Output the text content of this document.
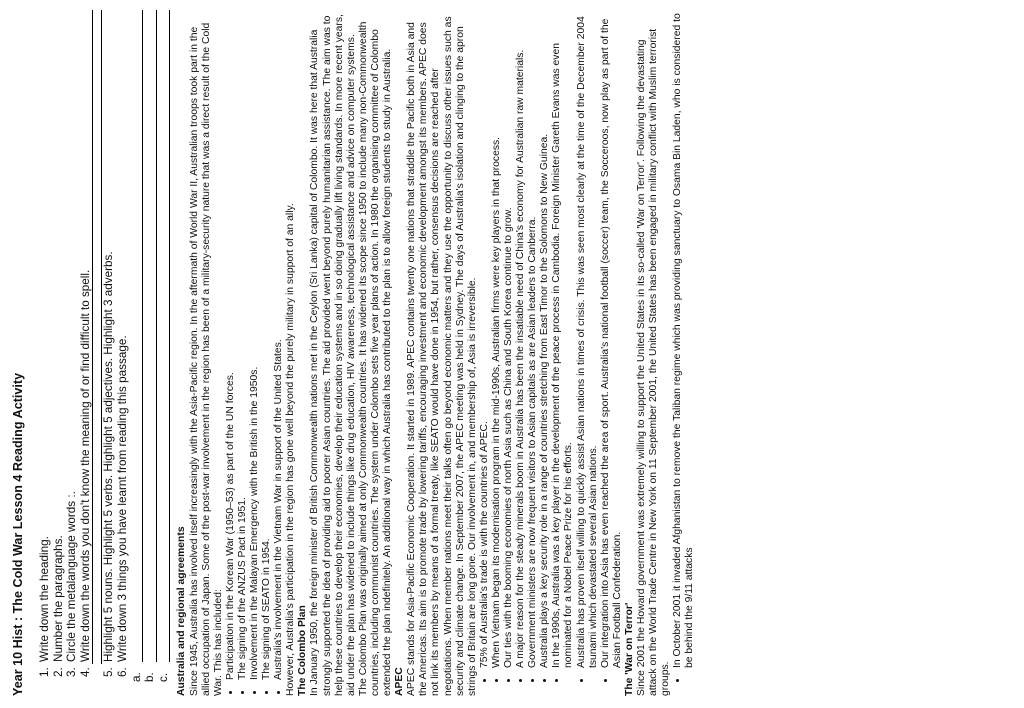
Year 10 Hist : The Cold War Lesson 4 Reading Activity 1. Write down the heading. 2. Number the paragraphs. 3. Circle the metalanguage words :. 4. Write down the words you don't know the meaning of or find difficult to spell. 5. Highlight 5 nouns. Highlight 5 verbs. Highlight 5 adjectives. Highlight 3 adverbs. 6. Write down 3 things you have learnt from reading this passage.
a. b. c. Australia and regional agreements Since 1945, Australia has involved itself increasingly with the Asia-Pacific region. In the aftermath of World War II, Australian troops took part in the allied occupation of Japan. Some of the post-war involvement in the region has been of a military-security nature that was a direct result of the Cold War. This has included: • Participation in the Korean War (1950–53) as part of the UN forces. • The signing of the ANZUS Pact in 1951. • Involvement in the Malayan Emergency with the British in the 1950s. • The signing of SEATO in 1954. • Australia's involvement in the Vietnam War in support of the United States. However, Australia's participation in the region has gone well beyond the purely military in support of an ally. The Colombo Plan In January 1950, the foreign minister of British Commonwealth nations met in the Ceylon (Sri Lanka) capital of Colombo. It was here that Australia strongly supported the idea of providing aid to poorer Asian countries. The aid provided went beyond purely humanitarian assistance. The aim was to help these countries to develop their economies, develop their education systems and in so doing gradually lift living standards. In more recent years, aid under the plan has widened to include things like drug education, HIV awareness, technological assistance and advice on computer systems. The Colombo Plan was originally aimed at only Commonwealth countries. It has widened its scope since 1950 to include many non-Commonwealth countries, including communist countries. The system under Colombo sets five year plans of action. In 1980 the organising committee of Colombo extended the plan indefinitely. An additional way in which Australia has contributed to the plan is to allow foreign students to study in Australia. APEC APEC stands for Asia-Pacific Economic Cooperation. It started in 1989. APEC contains twenty one nations that straddle the Pacific both in Asia and the Americas. Its aim is to promote trade by lowering tariffs, encouraging investment and economic development amongst its members. APEC does not link its members by means of a formal treaty, like SEATO would have done in 1954, but rather, consensus decisions are reached after negotiations. When member nations meet their talks often go beyond economic matters and they use the opportunity to discuss other issues such as security and climate change. In September 2007, the APEC meeting was held in Sydney. The days of Australia's isolation and clinging to the apron strings of Britain are long gone. Our involvement in, and membership of, Asia is irreversible. • 75% of Australia's trade is with the countries of APEC. • When Vietnam began its modernisation program in the mid-1990s, Australian firms were key players in that process. • Our ties with the booming economies of north Asia such as China and South Korea continue to grow. • A major reason for the steady minerals boom in Australia has been the insatiable need of China's economy for Australian raw materials. • Government ministers are now frequent visitors to Asian capitals as are Asian leaders to Canberra. • Australia plays a key security role in a range of countries stretching from East Timor to the Solomons to New Guinea. • In the 1990s, Australia was a key player in the development of the peace process in Cambodia. Foreign Minister Gareth Evans was even nominated for a Nobel Peace Prize for his efforts. • Australia has proven itself willing to quickly assist Asian nations in times of crisis. This was seen most clearly at the time of the December 2004 tsunami which devastated several Asian nations. • Our integration into Asia has even reached the area of sport. Australia's national football (soccer) team, the Socceroos, now play as part of the Asian Football Confederation. The 'War on Terror' Since 2001 the Howard government was extremely willing to support the United States in its so-called 'War on Terror'. Following the devastating attack on the World Trade Centre in New York on 11 September 2001, the United States has been engaged in military conflict with Muslim terrorist groups.

• In October 2001 it invaded Afghanistan to remove the Taliban regime which was providing sanctuary to Osama Bin Laden, who is considered to be behind the 9/11 attacks
